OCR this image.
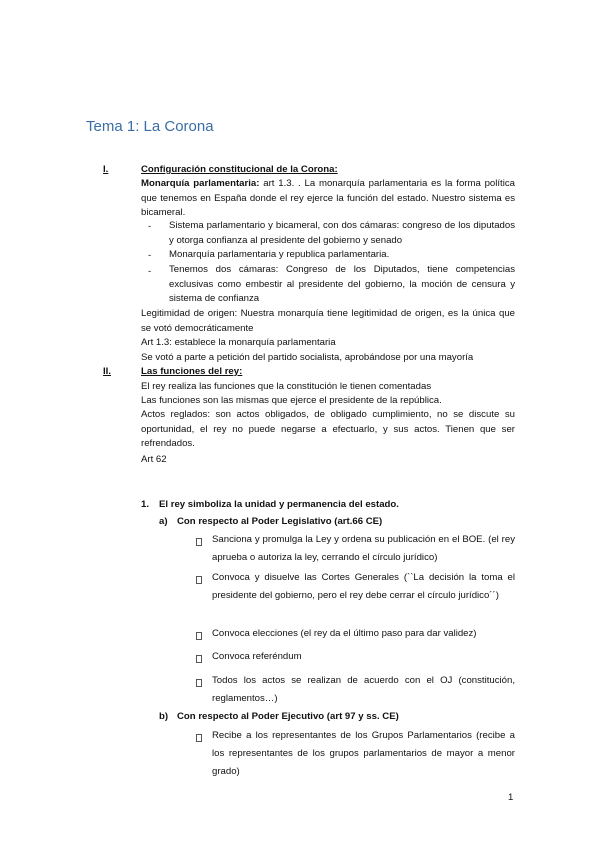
Tema 1: La Corona
I.	Configuración constitucional de la Corona:
Monarquía parlamentaria: art 1.3. . La monarquía parlamentaria es la forma política que tenemos en España donde el rey ejerce la función del estado. Nuestro sistema es bicameral.
- Sistema parlamentario y bicameral, con dos cámaras: congreso de los diputados y otorga confianza al presidente del gobierno y senado
- Monarquía parlamentaria y republica parlamentaria.
- Tenemos dos cámaras: Congreso de los Diputados, tiene competencias exclusivas como embestir al presidente del gobierno, la moción de censura y sistema de confianza
Legitimidad de origen: Nuestra monarquía tiene legitimidad de origen, es la única que se votó democráticamente
Art 1.3: establece la monarquía parlamentaria
Se votó a parte a petición del partido socialista, aprobándose por una mayoría
II.	Las funciones del rey:
El rey realiza las funciones que la constitución le tienen comentadas
Las funciones son las mismas que ejerce el presidente de la república.
Actos reglados: son actos obligados, de obligado cumplimiento, no se discute su oportunidad, el rey no puede negarse a efectuarlo, y sus actos. Tienen que ser refrendados.
Art 62
1. El rey simboliza la unidad y permanencia del estado.
a) Con respecto al Poder Legislativo (art.66 CE)
Sanciona y promulga la Ley y ordena su publicación en el BOE. (el rey aprueba o autoriza la ley, cerrando el círculo jurídico)
Convoca y disuelve las Cortes Generales (``La decisión la toma el presidente del gobierno, pero el rey debe cerrar el círculo jurídico´´)
Convoca elecciones (el rey da el último paso para dar validez)
Convoca referéndum
Todos los actos se realizan de acuerdo con el OJ (constitución, reglamentos…)
b) Con respecto al Poder Ejecutivo (art 97 y ss. CE)
Recibe a los representantes de los Grupos Parlamentarios (recibe a los representantes de los grupos parlamentarios de mayor a menor grado)
1
